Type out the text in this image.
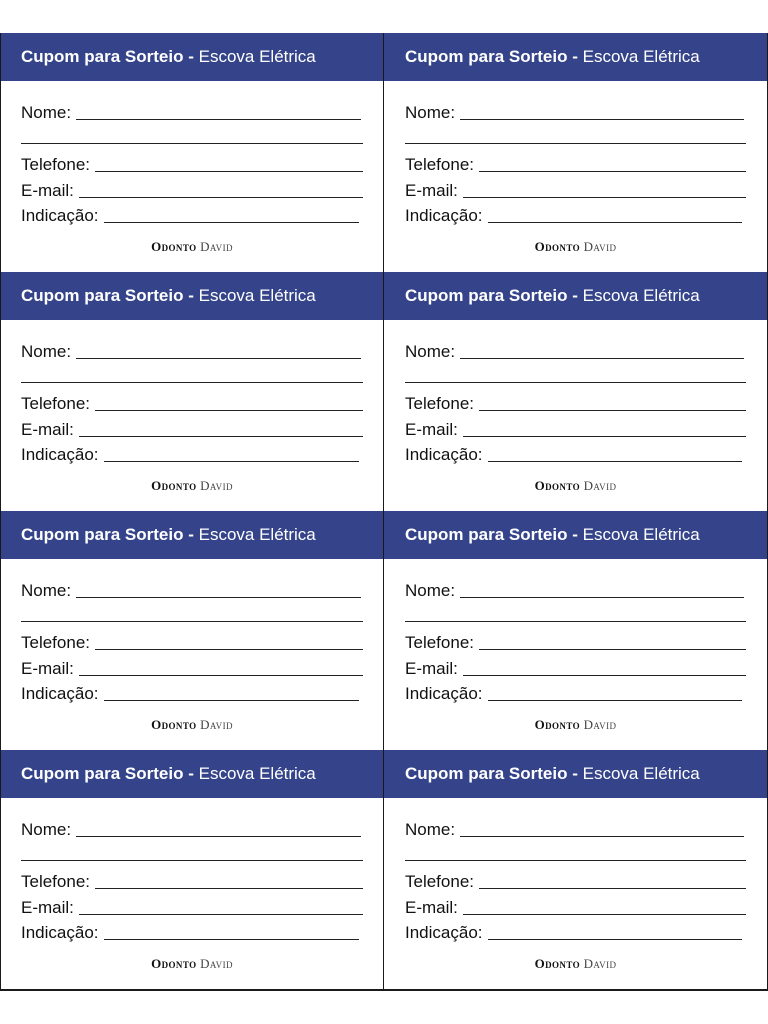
Cupom para Sorteio - Escova Elétrica
Nome:
Telefone:
E-mail:
Indicação:
Odonto David
Cupom para Sorteio - Escova Elétrica
Nome:
Telefone:
E-mail:
Indicação:
Odonto David
Cupom para Sorteio - Escova Elétrica
Nome:
Telefone:
E-mail:
Indicação:
Odonto David
Cupom para Sorteio - Escova Elétrica
Nome:
Telefone:
E-mail:
Indicação:
Odonto David
Cupom para Sorteio - Escova Elétrica
Nome:
Telefone:
E-mail:
Indicação:
Odonto David
Cupom para Sorteio - Escova Elétrica
Nome:
Telefone:
E-mail:
Indicação:
Odonto David
Cupom para Sorteio - Escova Elétrica
Nome:
Telefone:
E-mail:
Indicação:
Odonto David
Cupom para Sorteio - Escova Elétrica
Nome:
Telefone:
E-mail:
Indicação:
Odonto David
